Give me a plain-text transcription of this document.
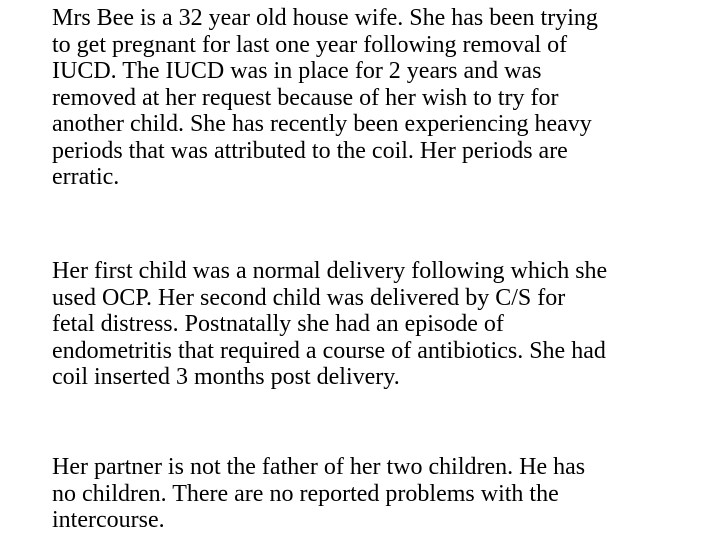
Mrs Bee is a 32 year old house wife. She has been trying
to get pregnant for last one year following removal of
IUCD. The IUCD was in place for 2 years and was
removed at her request because of her wish to try for
another child. She has recently been experiencing heavy
periods that was attributed to the coil. Her periods are
erratic.

Her first child was a normal delivery following which she
used OCP. Her second child was delivered by C/S for
fetal distress. Postnatally she had an episode of
endometritis that required a course of antibiotics. She had
coil inserted 3 months post delivery.

Her partner is not the father of her two children. He has
no children. There are no reported problems with the
intercourse.
